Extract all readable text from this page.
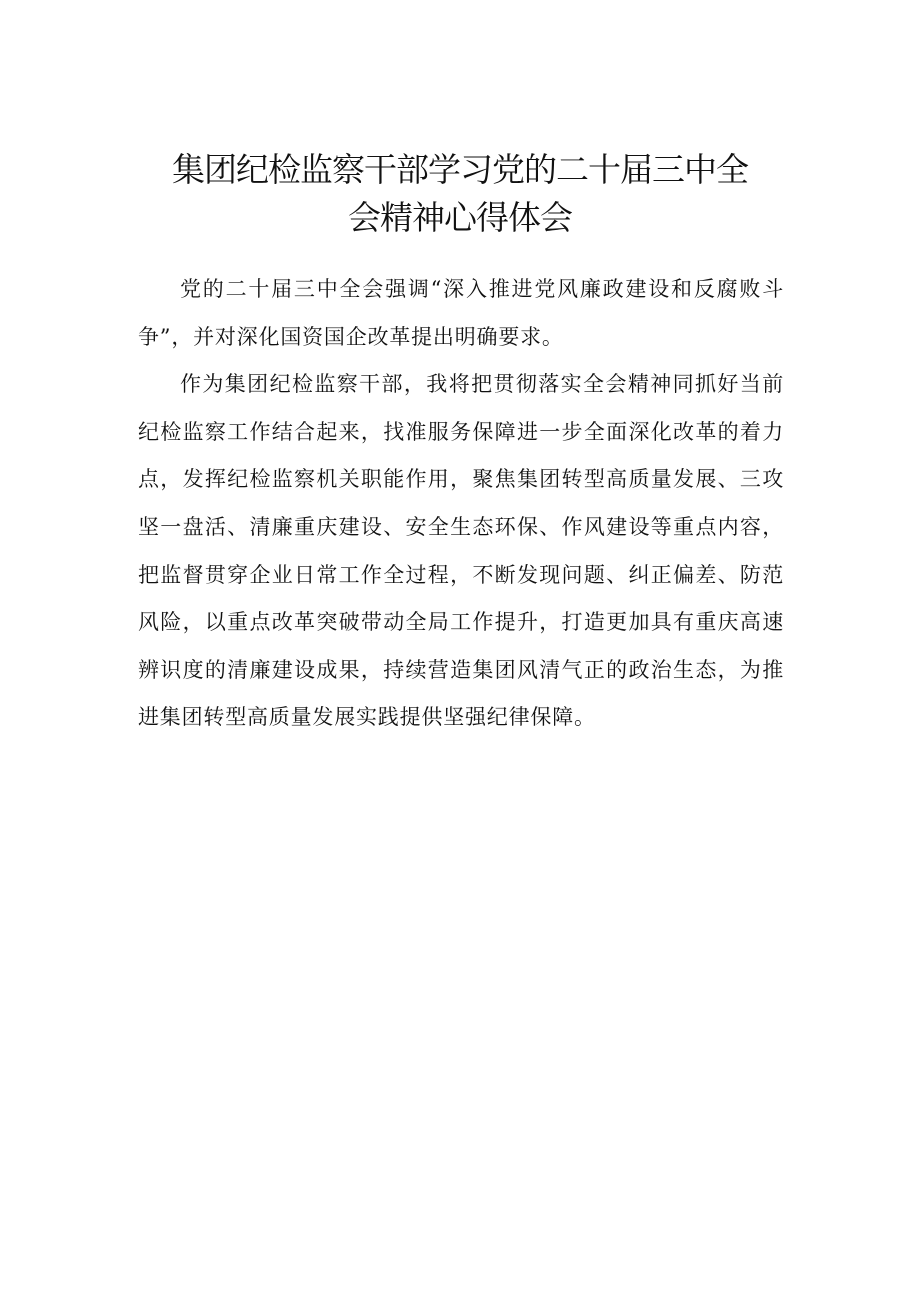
集团纪检监察干部学习党的二十届三中全
会精神心得体会

党的二十届三中全会强调“深入推进党风廉政建设和反腐败斗争”，并对深化国资国企改革提出明确要求。

作为集团纪检监察干部，我将把贯彻落实全会精神同抓好当前纪检监察工作结合起来，找准服务保障进一步全面深化改革的着力点，发挥纪检监察机关职能作用，聚焦集团转型高质量发展、三攻坚一盘活、清廉重庆建设、安全生态环保、作风建设等重点内容，把监督贯穿企业日常工作全过程，不断发现问题、纠正偏差、防范风险，以重点改革突破带动全局工作提升，打造更加具有重庆高速辨识度的清廉建设成果，持续营造集团风清气正的政治生态，为推进集团转型高质量发展实践提供坚强纪律保障。
